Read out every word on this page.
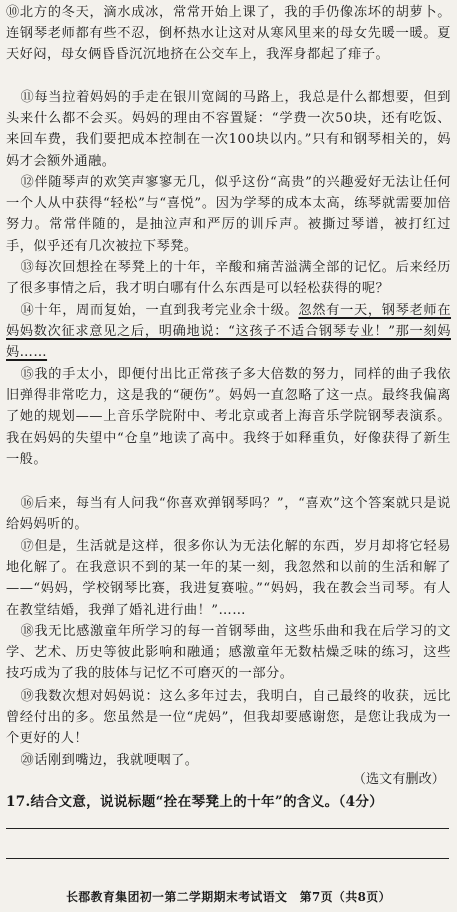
⑩北方的冬天，滴水成冰，常常开始上课了，我的手仍像冻坏的胡萝卜。连钢琴老师都有些不忍，倒杯热水让这对从寒风里来的母女先暖一暖。夏天好闷，母女俩昏昏沉沉地挤在公交车上，我浑身都起了痱子。

⑪每当拉着妈妈的手走在银川宽阔的马路上，我总是什么都想要，但到头来什么都不会买。妈妈的理由不容置疑：“学费一次50块，还有吃饭、来回车费，我们要把成本控制在一次100块以内。”只有和钢琴相关的，妈妈才会额外通融。

⑫伴随琴声的欢笑声寥寥无几，似乎这份“高贵”的兴趣爱好无法让任何一个人从中获得“轻松”与“喜悦”。因为学琴的成本太高，练琴就需要加倍努力。常常伴随的，是抽泣声和严厉的训斥声。被撕过琴谱，被打红过手，似乎还有几次被拉下琴凳。

⑬每次回想拴在琴凳上的十年，辛酸和痛苦溢满全部的记忆。后来经历了很多事情之后，我才明白哪有什么东西是可以轻松获得的呢？

⑭十年，周而复始，一直到我考完业余十级。忽然有一天，钢琴老师在妈妈数次征求意见之后，明确地说：“这孩子不适合钢琴专业！”那一刻妈妈……

⑮我的手太小，即便付出比正常孩子多大倍数的努力，同样的曲子我依旧弹得非常吃力，这是我的“硬伤”。妈妈一直忽略了这一点。最终我偏离了她的规划——上音乐学院附中、考北京或者上海音乐学院钢琴表演系。我在妈妈的失望中“仓皇”地读了高中。我终于如释重负，好像获得了新生一般。

⑯后来，每当有人问我“你喜欢弹钢琴吗？”，“喜欢”这个答案就只是说给妈妈听的。

⑰但是，生活就是这样，很多你认为无法化解的东西，岁月却将它轻易地化解了。在我意识不到的某一年的某一刻，我忽然和以前的生活和解了——“妈妈，学校钢琴比赛，我进复赛啦。”“妈妈，我在教会当司琴。有人在教堂结婚，我弹了婚礼进行曲！”……

⑱我无比感激童年所学习的每一首钢琴曲，这些乐曲和我在后学习的文学、艺术、历史等彼此影响和融通；感激童年无数枯燥乏味的练习，这些技巧成为了我的肢体与记忆不可磨灭的一部分。

⑲我数次想对妈妈说：这么多年过去，我明白，自己最终的收获，远比曾经付出的多。您虽然是一位“虎妈”，但我却要感谢您，是您让我成为一个更好的人！

⑳话刚到嘴边，我就哽咽了。

（选文有删改）
17.结合文意，说说标题“拴在琴凳上的十年”的含义。（4分）
长郡教育集团初一第二学期期末考试语文　第7页（共8页）
